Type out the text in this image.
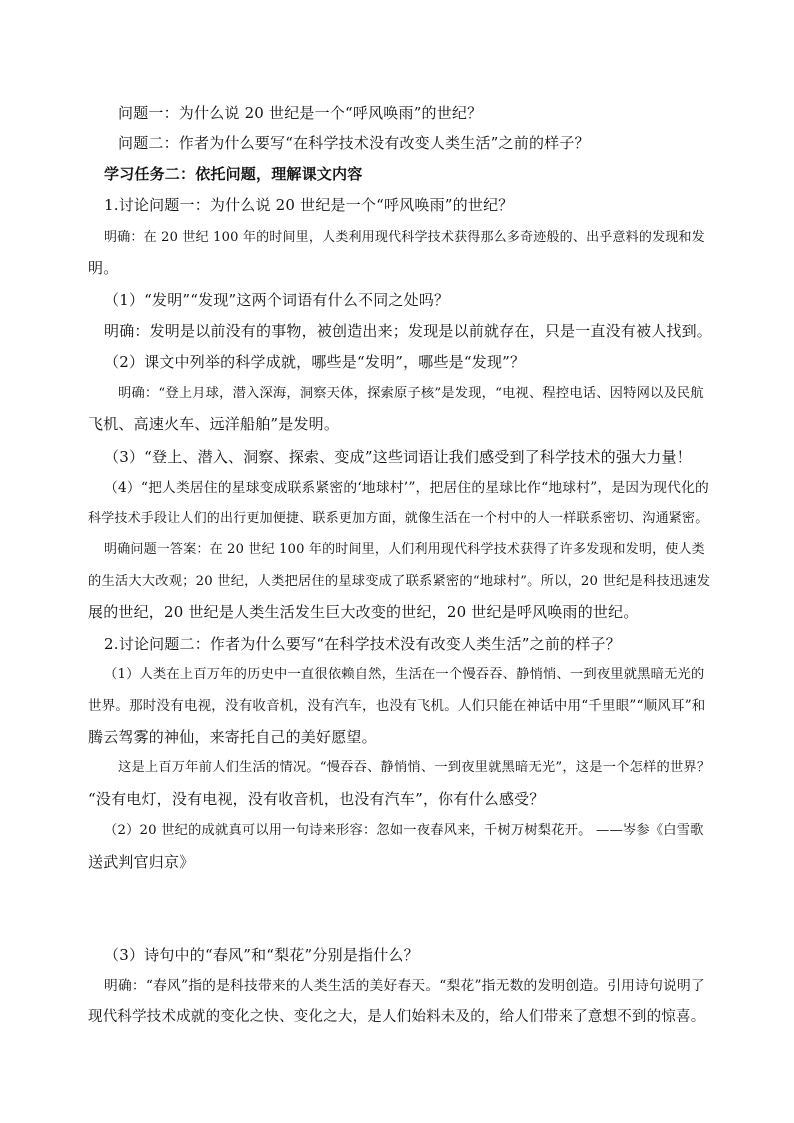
问题一：为什么说 20 世纪是一个“呼风唤雨”的世纪？
问题二：作者为什么要写“在科学技术没有改变人类生活”之前的样子？
学习任务二：依托问题，理解课文内容
1.讨论问题一：为什么说 20 世纪是一个“呼风唤雨”的世纪？
明确：在 20 世纪 100 年的时间里，人类利用现代科学技术获得那么多奇迹般的、出乎意料的发现和发
明。
（1）“发明”“发现”这两个词语有什么不同之处吗？
明确：发明是以前没有的事物，被创造出来；发现是以前就存在，只是一直没有被人找到。
（2）课文中列举的科学成就，哪些是“发明”，哪些是“发现”？
明确：“登上月球，潜入深海，洞察天体，探索原子核”是发现，“电视、程控电话、因特网以及民航
飞机、高速火车、远洋船舶”是发明。
（3）“登上、潜入、洞察、探索、变成”这些词语让我们感受到了科学技术的强大力量！
（4）“把人类居住的星球变成联系紧密的‘地球村’”，把居住的星球比作“地球村”，是因为现代化的
科学技术手段让人们的出行更加便捷、联系更加方面，就像生活在一个村中的人一样联系密切、沟通紧密。
明确问题一答案：在 20 世纪 100 年的时间里，人们利用现代科学技术获得了许多发现和发明，使人类
的生活大大改观；20 世纪，人类把居住的星球变成了联系紧密的“地球村”。所以，20 世纪是科技迅速发
展的世纪，20 世纪是人类生活发生巨大改变的世纪，20 世纪是呼风唤雨的世纪。
2.讨论问题二：作者为什么要写“在科学技术没有改变人类生活”之前的样子？
（1）人类在上百万年的历史中一直很依赖自然，生活在一个慢吞吞、静悄悄、一到夜里就黑暗无光的
世界。那时没有电视，没有收音机，没有汽车，也没有飞机。人们只能在神话中用“千里眼”“顺风耳”和
腾云驾雾的神仙，来寄托自己的美好愿望。
这是上百万年前人们生活的情况。“慢吞吞、静悄悄、一到夜里就黑暗无光”，这是一个怎样的世界？
“没有电灯，没有电视，没有收音机，也没有汽车”，你有什么感受？
（2）20 世纪的成就真可以用一句诗来形容：忽如一夜春风来，千树万树梨花开。 ——岑参《白雪歌
送武判官归京》
（3）诗句中的“春风”和“梨花”分别是指什么？
明确：“春风”指的是科技带来的人类生活的美好春天。“梨花”指无数的发明创造。引用诗句说明了
现代科学技术成就的变化之快、变化之大，是人们始料未及的，给人们带来了意想不到的惊喜。
